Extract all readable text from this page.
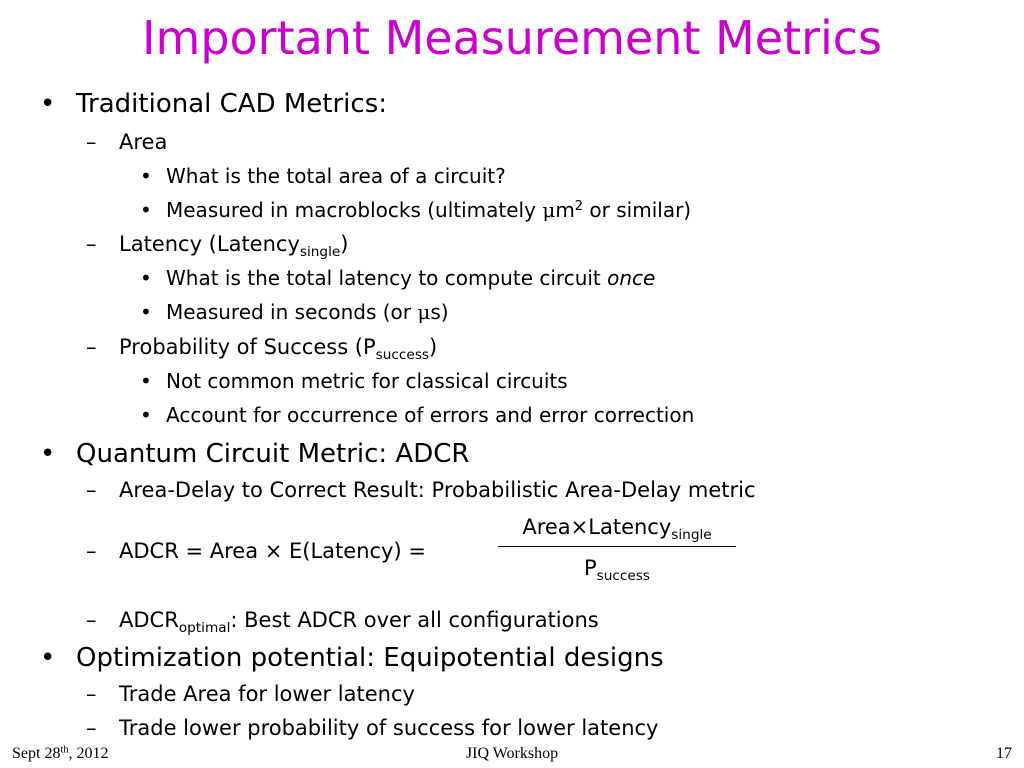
Important Measurement Metrics
• Traditional CAD Metrics:
– Area
• What is the total area of a circuit?
• Measured in macroblocks (ultimately $\mu m^2$ or similar)
– Latency (Latency$_{single}$)
• What is the total latency to compute circuit once
• Measured in seconds (or μs)
– Probability of Success $(P_{success})$
• Not common metric for classical circuits
• Account for occurrence of errors and error correction
• Quantum Circuit Metric: ADCR
– Area-Delay to Correct Result: Probabilistic Area-Delay metric
– ADCR = Area × E(Latency) =
Area×Latency$_{single}$
$P_{success}$
– $ADCR_{optimal}$: Best ADCR over all configurations
• Optimization potential: Equipotential designs
– Trade Area for lower latency
– Trade lower probability of success for lower latency
JIQ Workshop
Sept 28th, 2012	17
